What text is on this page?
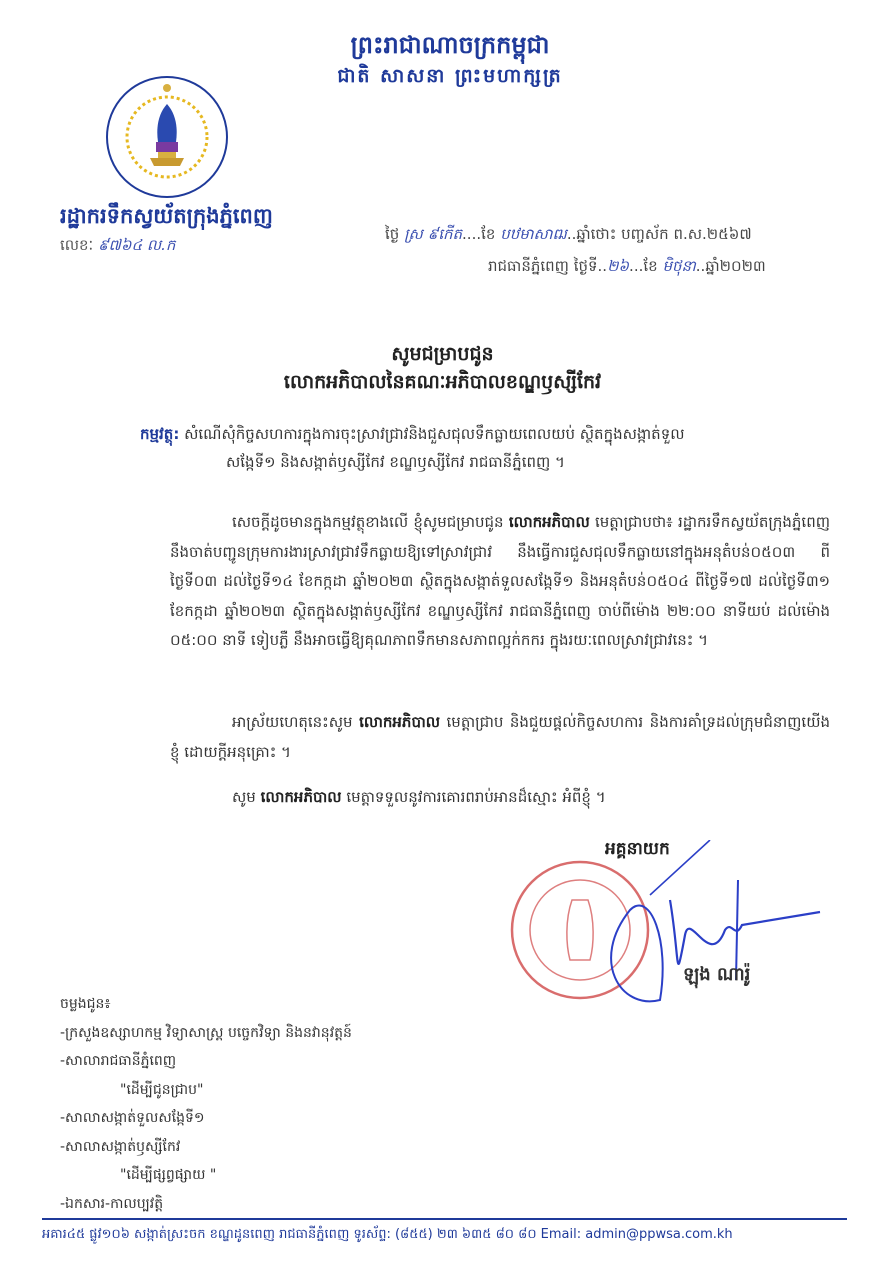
ព្រះរាជាណាចក្រកម្ពុជា
ជាតិ សាសនា ព្រះមហាក្សត្រ
រដ្ឋាករទឹកស្វយ័តក្រុងភ្នំពេញ
លេខៈ ៩៧៦៤ ល.ក
ថ្ងៃ ស្រ ៩កើត....ខែ បឋមាសាឍ..ឆ្នាំថោះ បញ្ចស័ក ព.ស.២៥៦៧
រាជធានីភ្នំពេញ ថ្ងៃទី..២៦...ខែ មិថុនា..ឆ្នាំ២០២៣
សូមជម្រាបជូន
លោកអភិបាលនៃគណៈអភិបាលខណ្ឌឫស្សីកែវ
កម្មវត្ថុ: សំណើសុំកិច្ចសហការក្នុងការចុះស្រាវជ្រាវនិងជួសជុលទឹកធ្លាយពេលយប់ ស្ថិតក្នុងសង្កាត់ទួល
សង្កែទី១ និងសង្កាត់ឫស្សីកែវ ខណ្ឌឫស្សីកែវ រាជធានីភ្នំពេញ ។
សេចក្តីដូចមានក្នុងកម្មវត្ថុខាងលើ ខ្ញុំសូមជម្រាបជូន លោកអភិបាល មេត្តាជ្រាបថា៖ រដ្ឋាករទឹកស្វយ័តក្រុងភ្នំពេញនឹងចាត់បញ្ជូនក្រុមការងារស្រាវជ្រាវទឹកធ្លាយឱ្យទៅស្រាវជ្រាវ នឹងធ្វើការជួសជុលទឹកធ្លាយនៅក្នុងអនុតំបន់០៥០៣ ពីថ្ងៃទី០៣ ដល់ថ្ងៃទី១៤ ខែកក្កដា ឆ្នាំ២០២៣ ស្ថិតក្នុងសង្កាត់ទួលសង្កែទី១ និងអនុតំបន់០៥០៤ ពីថ្ងៃទី១៧ ដល់ថ្ងៃទី៣១ ខែកក្កដា ឆ្នាំ២០២៣ ស្ថិតក្នុងសង្កាត់ឫស្សីកែវ ខណ្ឌឫស្សីកែវ រាជធានីភ្នំពេញ ចាប់ពីម៉ោង ២២:០០ នាទីយប់ ដល់ម៉ោង ០៥:០០ នាទី ទៀបភ្លឺ នឹងអាចធ្វើឱ្យគុណភាពទឹកមានសភាពល្អក់កករ ក្នុងរយៈពេលស្រាវជ្រាវនេះ ។
អាស្រ័យហេតុនេះសូម លោកអភិបាល មេត្តាជ្រាប និងជួយផ្តល់កិច្ចសហការ និងការគាំទ្រដល់ក្រុមជំនាញយើងខ្ញុំ ដោយក្តីអនុគ្រោះ ។
សូម លោកអភិបាល មេត្តាទទួលនូវការគោរពរាប់អានដ៏ស្មោះ អំពីខ្ញុំ ។
អគ្គនាយក
ឡុង ណារ៉ូ
ចម្លងជូន៖
-ក្រសួងឧស្សាហកម្ម វិទ្យាសាស្ត្រ បច្ចេកវិទ្យា និងនវានុវត្តន៍
-សាលារាជធានីភ្នំពេញ
"ដើម្បីជូនជ្រាប"
-សាលាសង្កាត់ទួលសង្កែទី១
-សាលាសង្កាត់ឫស្សីកែវ
"ដើម្បីផ្សព្វផ្សាយ "
-ឯកសារ-កាលប្បវត្តិ
អគារ៤៥ ផ្លូវ១០៦ សង្កាត់ស្រះចក ខណ្ឌដូនពេញ រាជធានីភ្នំពេញ ទូរស័ព្ទ: (៨៥៥) ២៣ ៦៣៥ ៨០ ៨០ Email: admin@ppwsa.com.kh
